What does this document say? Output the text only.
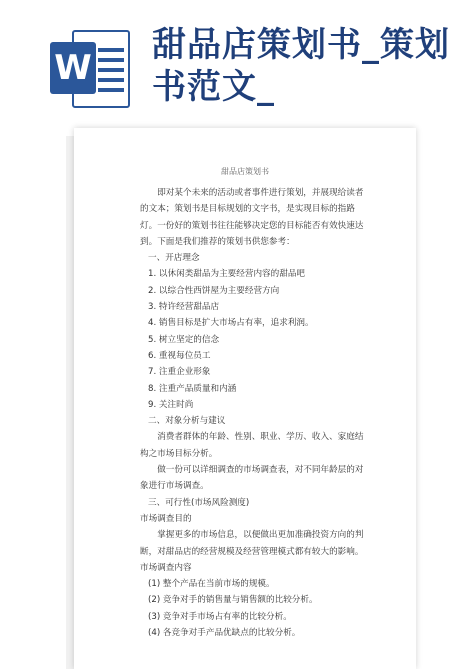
W
甜品店策划书_策划书范文_

甜品店策划书

即对某个未来的活动或者事件进行策划，并展现给读者的文本；策划书是目标规划的文字书，是实现目标的指路灯。一份好的策划书往往能够决定您的目标能否有效快速达到。下面是我们推荐的策划书供您参考：

一、开店理念

1. 以休闲类甜品为主要经营内容的甜品吧

2. 以综合性西饼屋为主要经营方向

3. 特许经营甜品店

4. 销售目标是扩大市场占有率，追求利润。

5. 树立坚定的信念

6. 重视每位员工

7. 注重企业形象

8. 注重产品质量和内涵

9. 关注时尚

二、对象分析与建议

消费者群体的年龄、性别、职业、学历、收入、家庭结构之市场目标分析。

做一份可以详细调查的市场调查表，对不同年龄层的对象进行市场调查。

三、可行性(市场风险测度)

市场调查目的

掌握更多的市场信息，以便做出更加准确投资方向的判断，对甜品店的经营规模及经营管理模式都有较大的影响。

市场调查内容

(1) 整个产品在当前市场的规模。

(2) 竞争对手的销售量与销售额的比较分析。

(3) 竞争对手市场占有率的比较分析。

(4) 各竞争对手产品优缺点的比较分析。
